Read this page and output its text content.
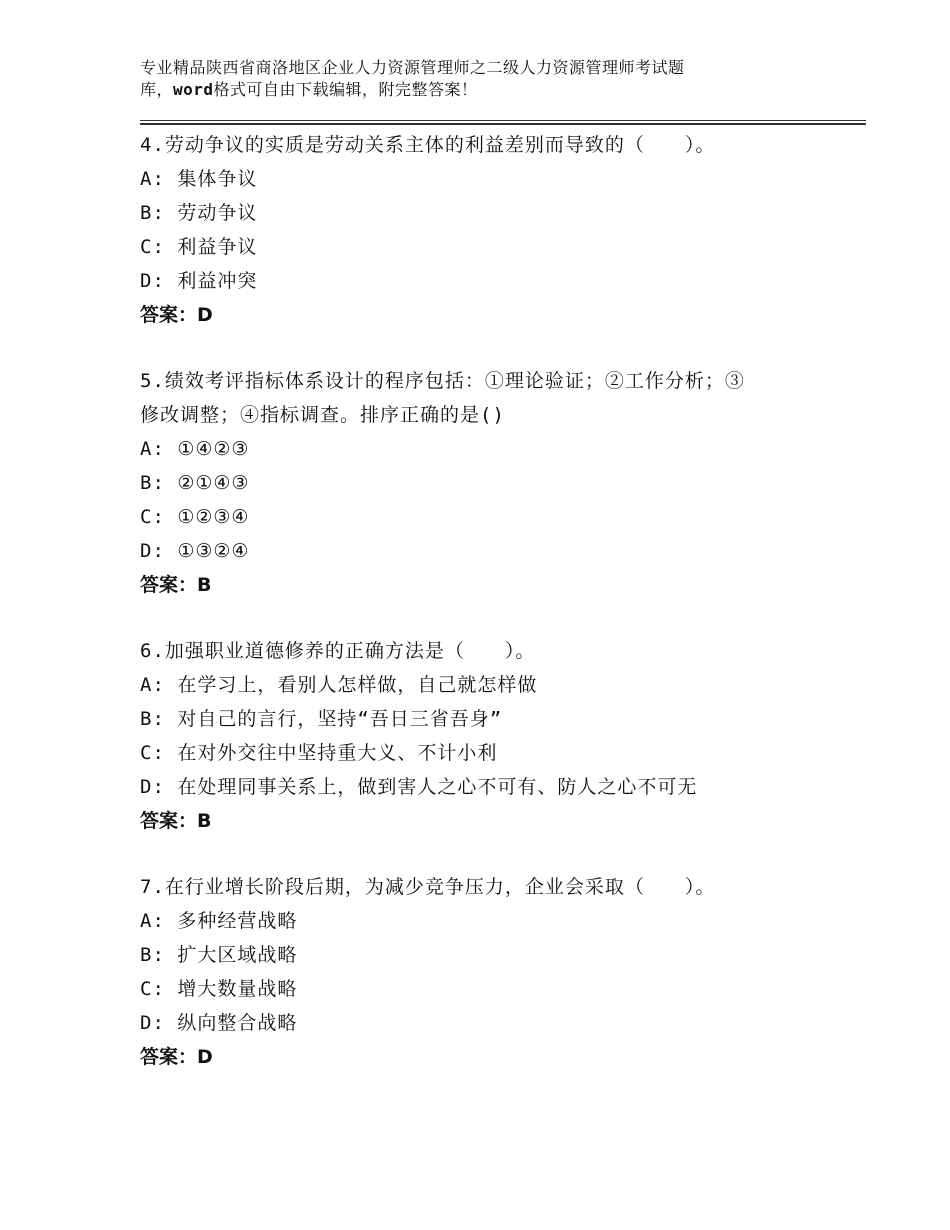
专业精品陕西省商洛地区企业人力资源管理师之二级人力资源管理师考试题
库，word格式可自由下载编辑，附完整答案！
4.劳动争议的实质是劳动关系主体的利益差别而导致的（　　）。
A: 集体争议
B: 劳动争议
C: 利益争议
D: 利益冲突
答案：D
5.绩效考评指标体系设计的程序包括：①理论验证；②工作分析；③
修改调整；④指标调查。排序正确的是()
A: ①④②③
B: ②①④③
C: ①②③④
D: ①③②④
答案：B
6.加强职业道德修养的正确方法是（　　）。
A: 在学习上，看别人怎样做，自己就怎样做
B: 对自己的言行，坚持“吾日三省吾身”
C: 在对外交往中坚持重大义、不计小利
D: 在处理同事关系上，做到害人之心不可有、防人之心不可无
答案：B
7.在行业增长阶段后期，为减少竞争压力，企业会采取（　　）。
A: 多种经营战略
B: 扩大区域战略
C: 增大数量战略
D: 纵向整合战略
答案：D
